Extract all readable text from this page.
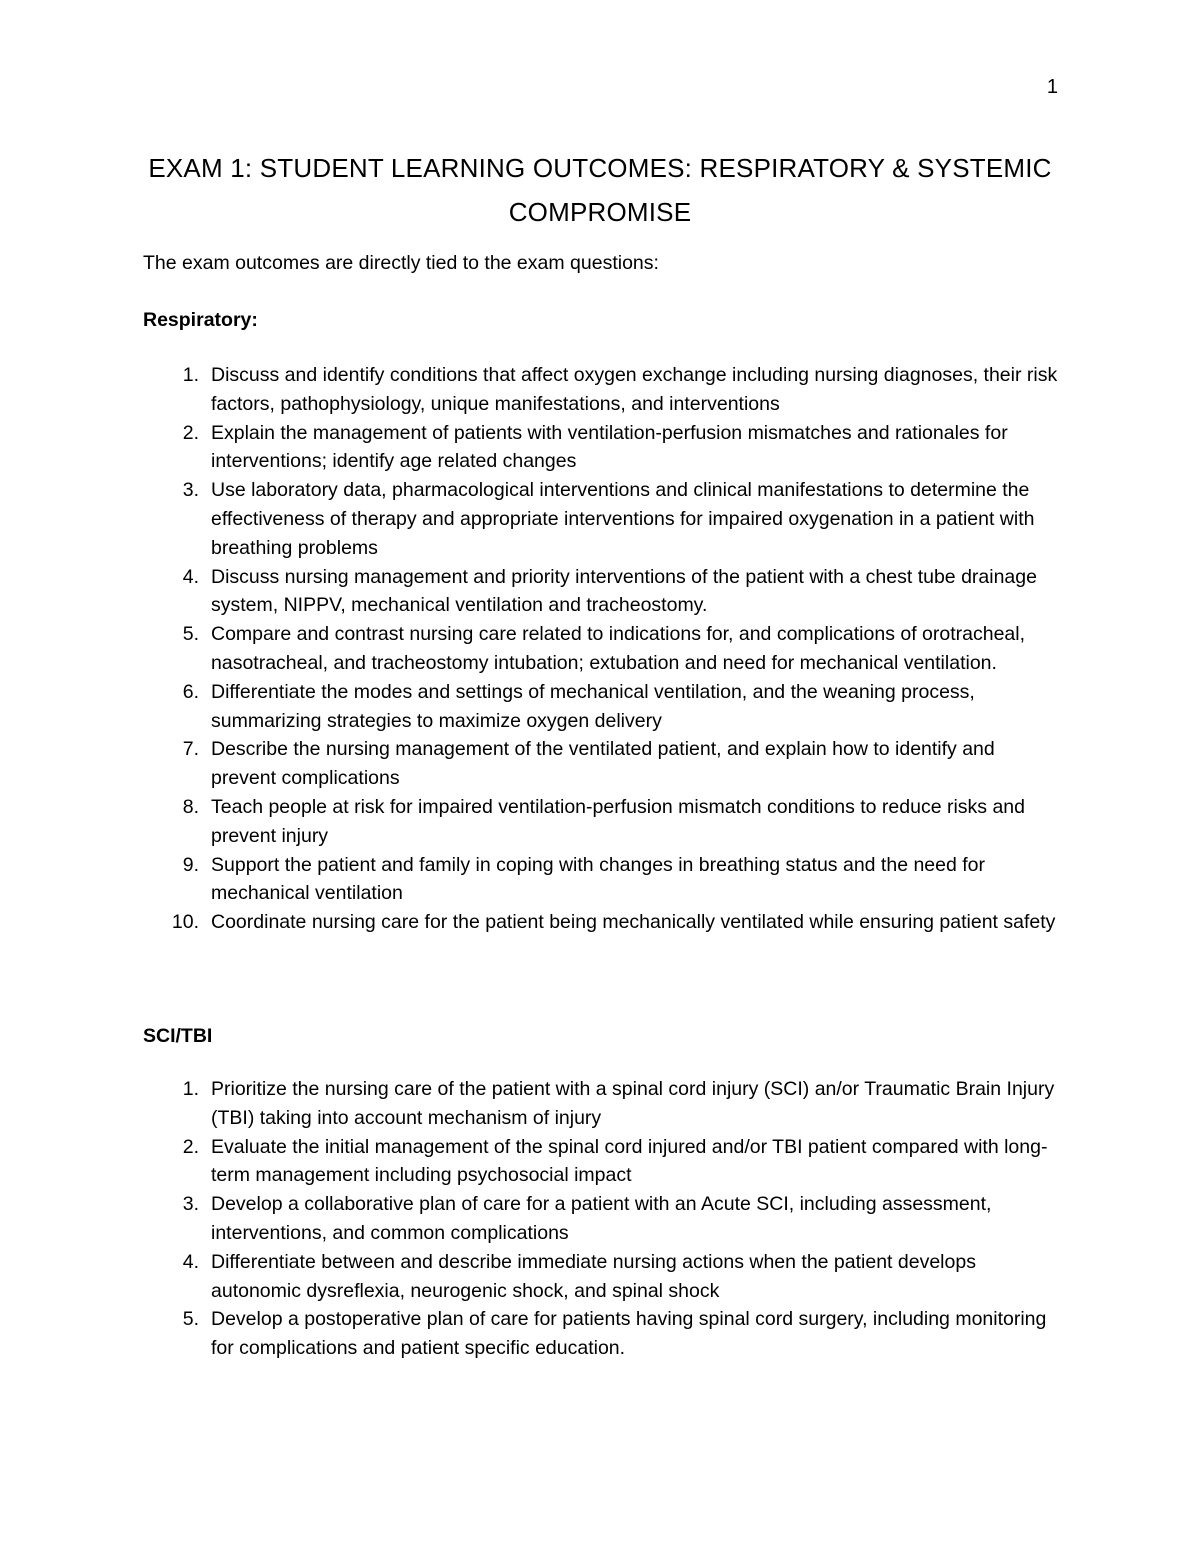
1
EXAM 1: STUDENT LEARNING OUTCOMES: RESPIRATORY & SYSTEMIC COMPROMISE
The exam outcomes are directly tied to the exam questions:
Respiratory:
1. Discuss and identify conditions that affect oxygen exchange including nursing diagnoses, their risk factors, pathophysiology, unique manifestations, and interventions
2. Explain the management of patients with ventilation-perfusion mismatches and rationales for interventions; identify age related changes
3. Use laboratory data, pharmacological interventions and clinical manifestations to determine the effectiveness of therapy and appropriate interventions for impaired oxygenation in a patient with breathing problems
4. Discuss nursing management and priority interventions of the patient with a chest tube drainage system, NIPPV, mechanical ventilation and tracheostomy.
5. Compare and contrast nursing care related to indications for, and complications of orotracheal, nasotracheal, and tracheostomy intubation; extubation and need for mechanical ventilation.
6. Differentiate the modes and settings of mechanical ventilation, and the weaning process, summarizing strategies to maximize oxygen delivery
7. Describe the nursing management of the ventilated patient, and explain how to identify and prevent complications
8. Teach people at risk for impaired ventilation-perfusion mismatch conditions to reduce risks and prevent injury
9. Support the patient and family in coping with changes in breathing status and the need for mechanical ventilation
10. Coordinate nursing care for the patient being mechanically ventilated while ensuring patient safety
SCI/TBI
1. Prioritize the nursing care of the patient with a spinal cord injury (SCI) an/or Traumatic Brain Injury (TBI) taking into account mechanism of injury
2. Evaluate the initial management of the spinal cord injured and/or TBI patient compared with long-term management including psychosocial impact
3. Develop a collaborative plan of care for a patient with an Acute SCI, including assessment, interventions, and common complications
4. Differentiate between and describe immediate nursing actions when the patient develops autonomic dysreflexia, neurogenic shock, and spinal shock
5. Develop a postoperative plan of care for patients having spinal cord surgery, including monitoring for complications and patient specific education.
